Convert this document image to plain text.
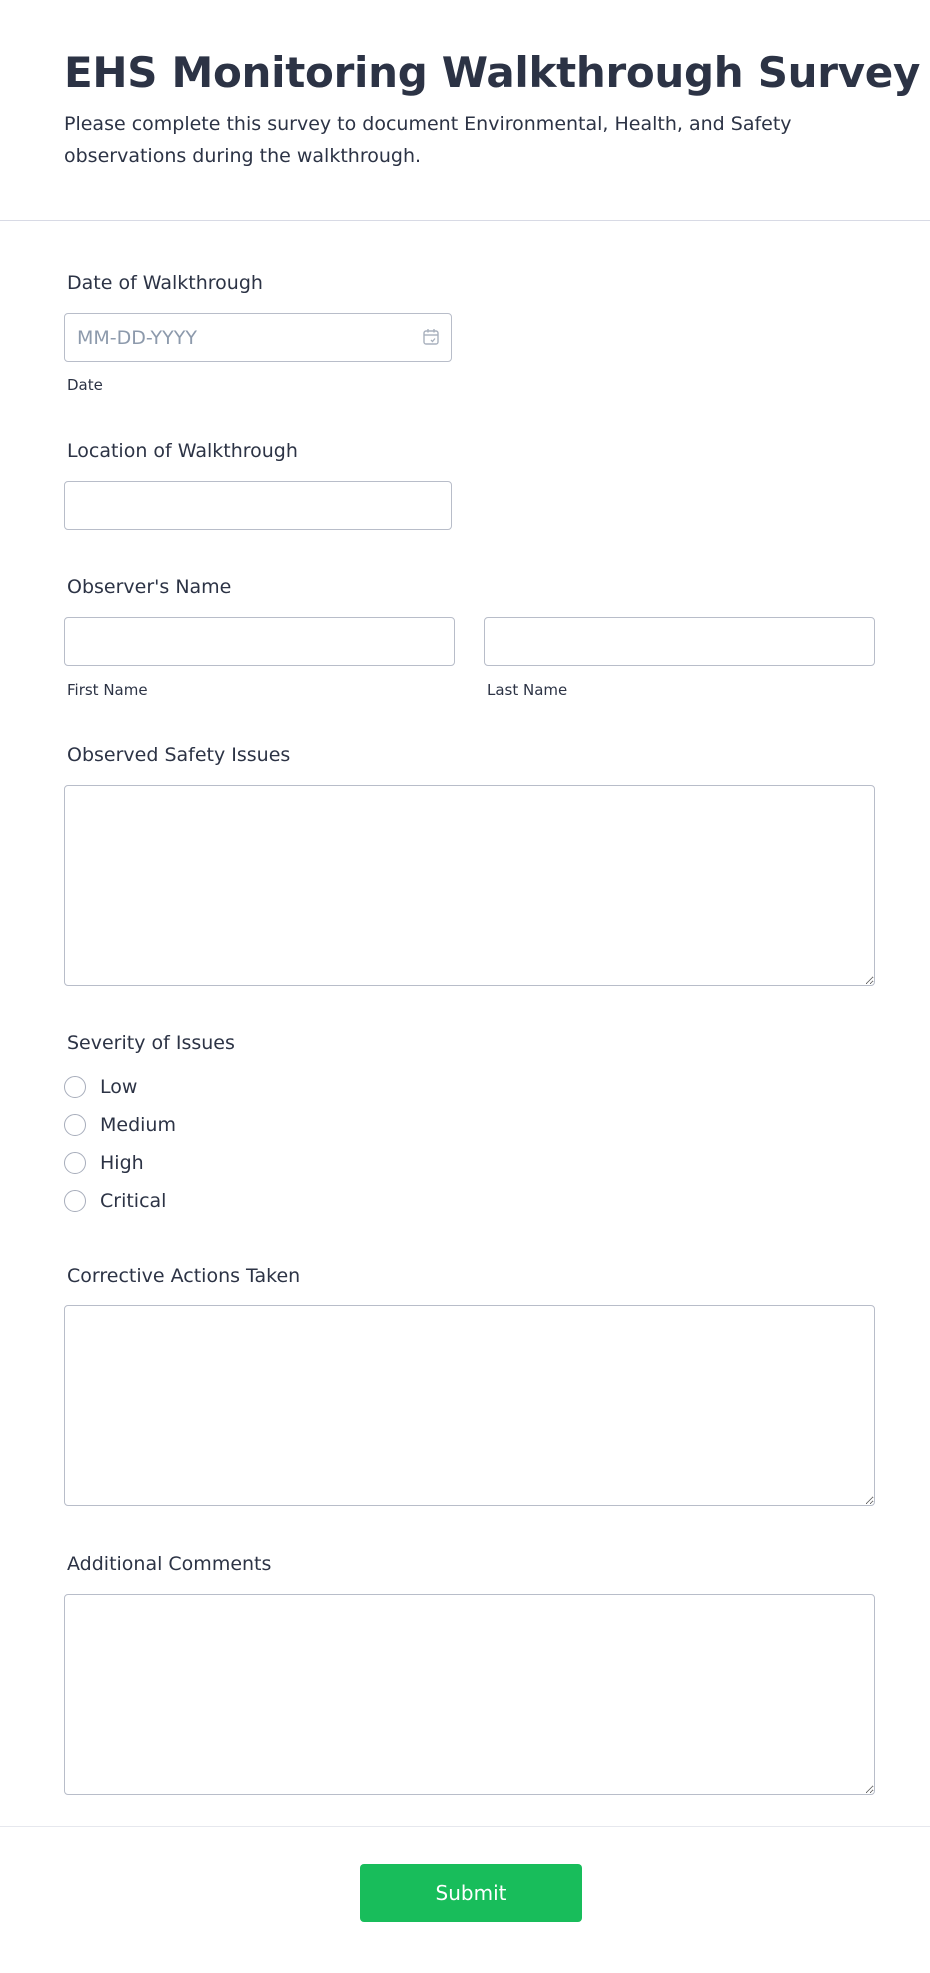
EHS Monitoring Walkthrough Survey

Please complete this survey to document Environmental, Health, and Safety observations during the walkthrough.

Date of Walkthrough
MM-DD-YYYY
Date
Location of Walkthrough
Observer's Name
First Name	Last Name
Observed Safety Issues
Severity of Issues
Low
Medium
High
Critical
Corrective Actions Taken
Additional Comments
Submit
